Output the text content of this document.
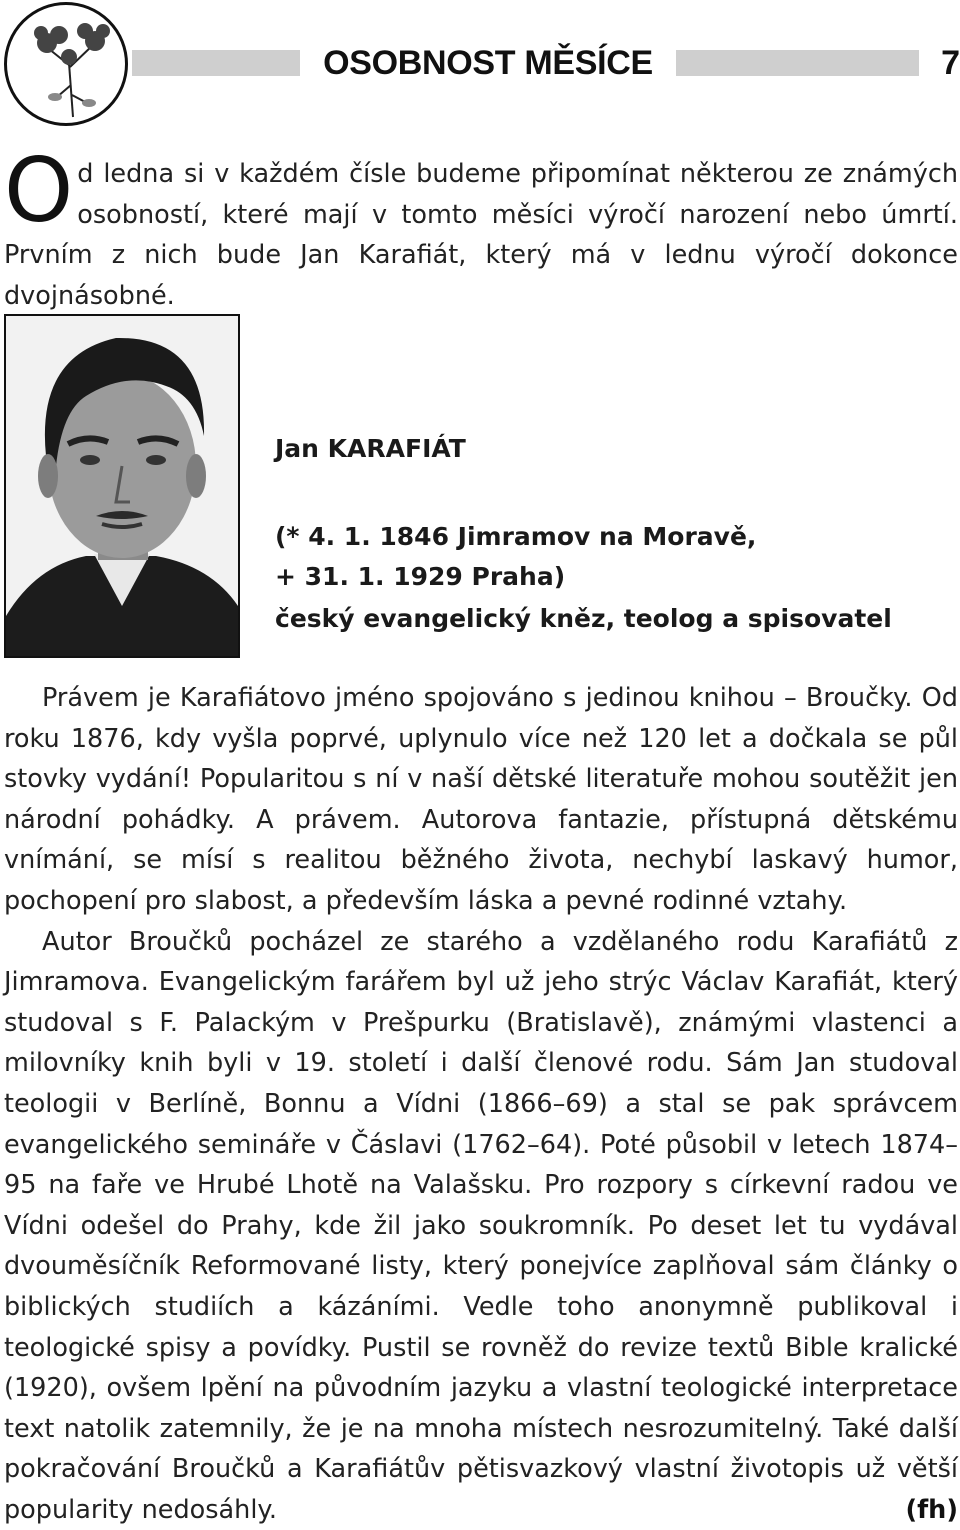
OSOBNOST MĚSÍCE	7
O d ledna si v každém čísle budeme připomínat některou ze známých osobností, které mají v tomto měsíci výročí narození nebo úmrtí. Prvním z nich bude Jan Karafiát, který má v lednu výročí dokonce dvojnásobné.
Jan KARAFIÁT
(* 4. 1. 1846 Jimramov na Moravě,
+ 31. 1. 1929 Praha)
český evangelický kněz, teolog a spisovatel

Právem je Karafiátovo jméno spojováno s jedinou knihou – Broučky. Od roku 1876, kdy vyšla poprvé, uplynulo více než 120 let a dočkala se půl stovky vydání! Popularitou s ní v naší dětské literatuře mohou soutěžit jen národní pohádky. A právem. Autorova fantazie, přístupná dětskému vnímání, se mísí s realitou běžného života, nechybí laskavý humor, pochopení pro slabost, a především láska a pevné rodinné vztahy.

Autor Broučků pocházel ze starého a vzdělaného rodu Karafiátů z Jimramova. Evangelickým farářem byl už jeho strýc Václav Karafiát, který studoval s F. Palackým v Prešpurku (Bratislavě), známými vlastenci a milovníky knih byli v 19. století i další členové rodu. Sám Jan studoval teologii v Berlíně, Bonnu a Vídni (1866–69) a stal se pak správcem evangelického semináře v Čáslavi (1762–64). Poté působil v letech 1874–95 na faře ve Hrubé Lhotě na Valašsku. Pro rozpory s církevní radou ve Vídni odešel do Prahy, kde žil jako soukromník. Po deset let tu vydával dvouměsíčník Reformované listy, který ponejvíce zaplňoval sám články o biblických studiích a kázáními. Vedle toho anonymně publikoval i teologické spisy a povídky. Pustil se rovněž do revize textů Bible kralické (1920), ovšem lpění na původním jazyku a vlastní teologické interpretace text natolik zatemnily, že je na mnoha místech nesrozumitelný. Také další pokračování Broučků a Karafiátův pětisvazkový vlastní životopis už větší popularity nedosáhly.	(fh)
